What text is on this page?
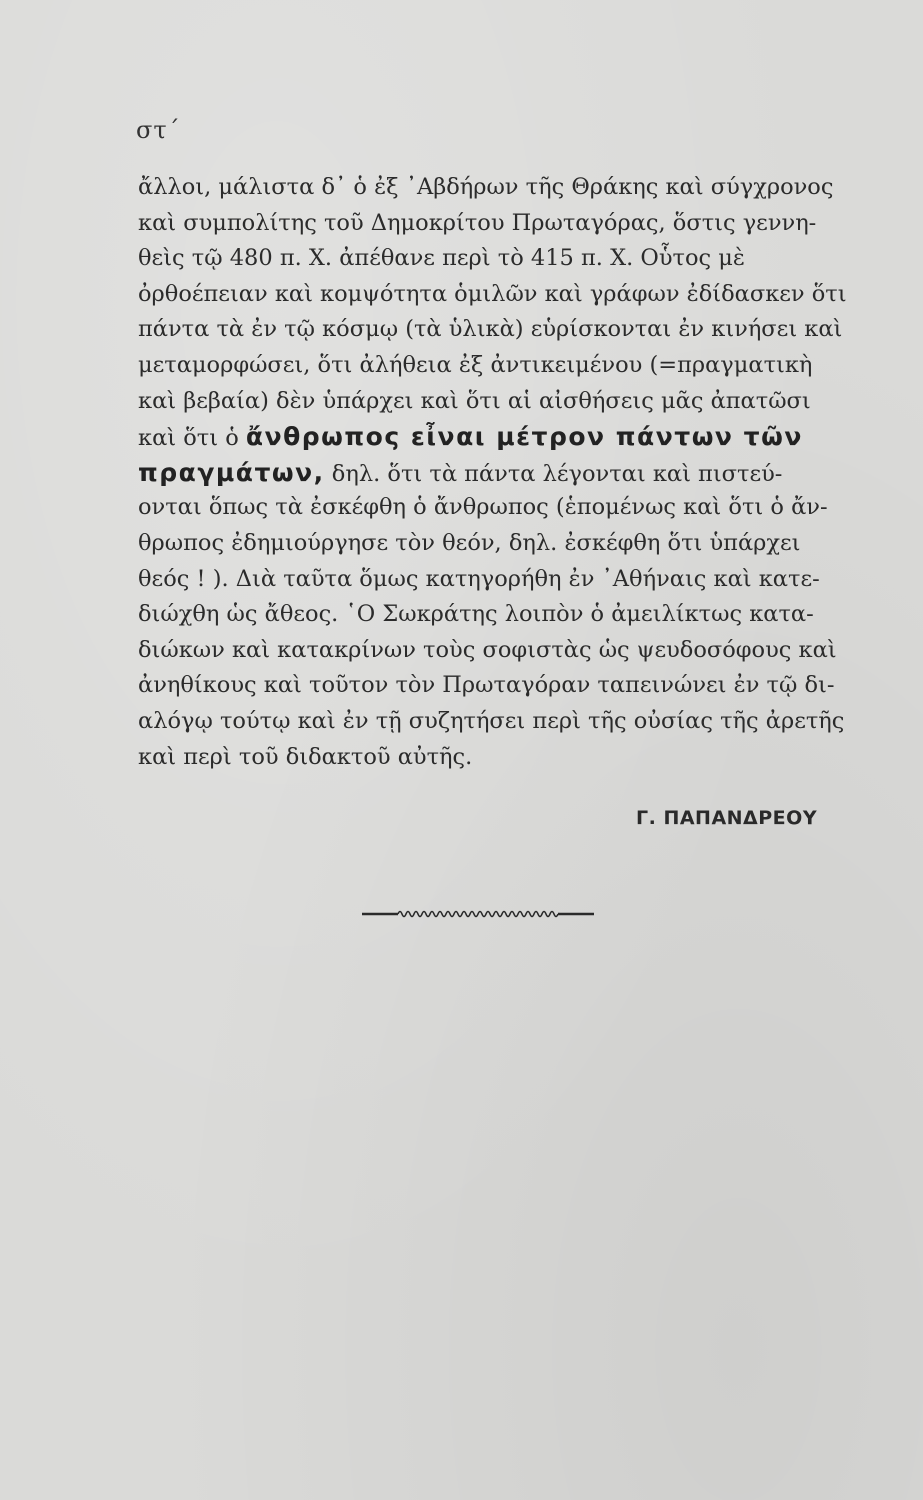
στ΄
ἄλλοι, μάλιστα δ᾽ ὁ ἐξ ᾽Αβδήρων τῆς Θράκης καὶ σύγχρονος
καὶ συμπολίτης τοῦ Δημοκρίτου Πρωταγόρας, ὅστις γεννη-
θεὶς τῷ 480 π. Χ. ἀπέθανε περὶ τὸ 415 π. Χ. Οὗτος μὲ
ὀρθοέπειαν καὶ κομψότητα ὁμιλῶν καὶ γράφων ἐδίδασκεν ὅτι
πάντα τὰ ἐν τῷ κόσμῳ (τὰ ὑλικὰ) εὑρίσκονται ἐν κινήσει καὶ
μεταμορφώσει, ὅτι ἀλήθεια ἐξ ἀντικειμένου (=πραγματικὴ
καὶ βεβαία) δὲν ὑπάρχει καὶ ὅτι αἱ αἰσθήσεις μᾶς ἀπατῶσι
καὶ ὅτι ὁ ἄνθρωπος εἶναι μέτρον πάντων τῶν
πραγμάτων, δηλ. ὅτι τὰ πάντα λέγονται καὶ πιστεύ-
ονται ὅπως τὰ ἐσκέφθη ὁ ἄνθρωπος (ἑπομένως καὶ ὅτι ὁ ἄν-
θρωπος ἐδημιούργησε τὸν θεόν, δηλ. ἐσκέφθη ὅτι ὑπάρχει
θεός ! ). Διὰ ταῦτα ὅμως κατηγορήθη ἐν ᾽Αθήναις καὶ κατε-
διώχθη ὡς ἄθεος. ῾Ο Σωκράτης λοιπὸν ὁ ἀμειλίκτως κατα-
διώκων καὶ κατακρίνων τοὺς σοφιστὰς ὡς ψευδοσόφους καὶ
ἀνηθίκους καὶ τοῦτον τὸν Πρωταγόραν ταπεινώνει ἐν τῷ δι-
αλόγῳ τούτῳ καὶ ἐν τῇ συζητήσει περὶ τῆς οὐσίας τῆς ἀρετῆς
καὶ περὶ τοῦ διδακτοῦ αὐτῆς.
Γ. ΠΑΠΑΝΔΡΕΟΥ
